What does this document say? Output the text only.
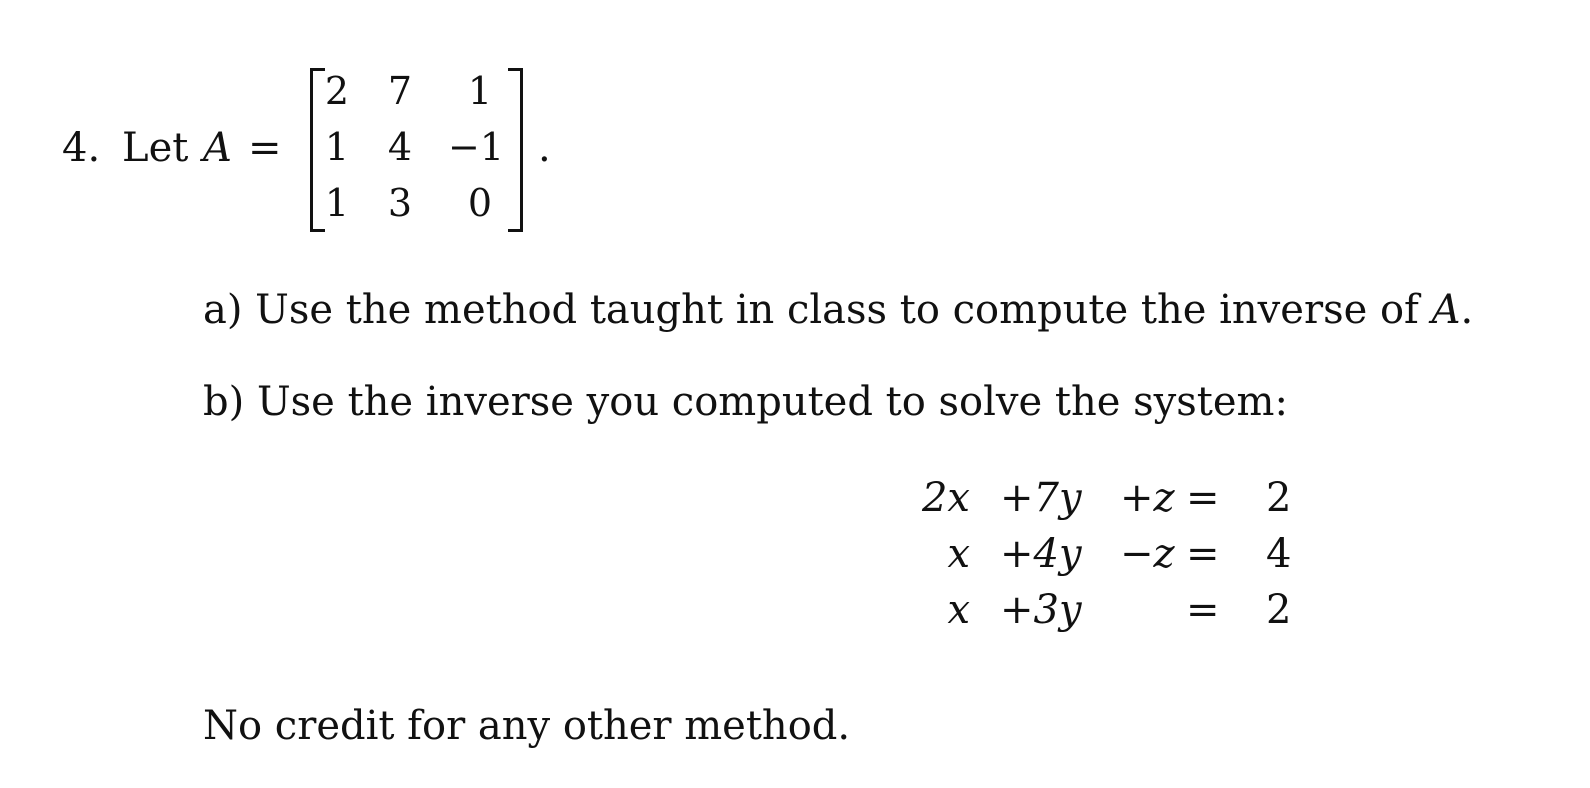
4. Let A =
2	7	1
1	4 −1
1	3	0
.
a) Use the method taught in class to compute the inverse of A.
b) Use the inverse you computed to solve the system:
2x +7y +z = 2
x +4y −z = 4
x +3y	= 2
No credit for any other method.
